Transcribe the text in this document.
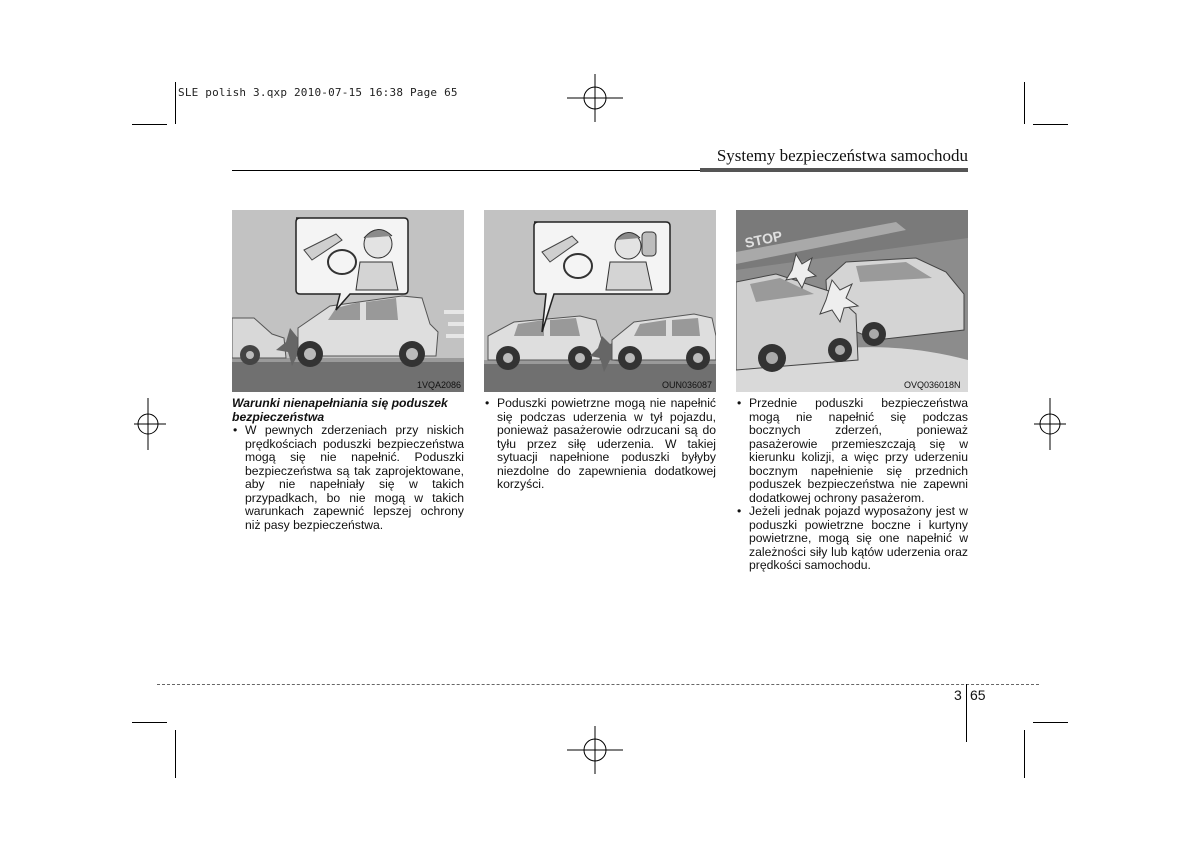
SLE polish 3.qxp 2010-07-15 16:38 Page 65
Systemy bezpieczeństwa samochodu
1VQA2086	OUN036087
STOP
OVQ036018N

Warunki nienapełniania się poduszek bezpieczeństwa

• W pewnych zderzeniach przy niskich prędkościach poduszki bezpieczeństwa mogą się nie napełnić. Poduszki bezpieczeństwa są tak zaprojektowane, aby nie napełniały się w takich przypadkach, bo nie mogą w takich warunkach zapewnić lepszej ochrony niż pasy bezpieczeństwa.

• Poduszki powietrzne mogą nie napełnić się podczas uderzenia w tył pojazdu, ponieważ pasażerowie odrzucani są do tyłu przez siłę uderzenia. W takiej sytuacji napełnione poduszki byłyby niezdolne do zapewnienia dodatkowej korzyści.

• Przednie poduszki bezpieczeństwa mogą nie napełnić się podczas bocznych zderzeń, ponieważ pasażerowie przemieszczają się w kierunku kolizji, a więc przy uderzeniu bocznym napełnienie się przednich poduszek bezpieczeństwa nie zapewni dodatkowej ochrony pasażerom.

• Jeżeli jednak pojazd wyposażony jest w poduszki powietrzne boczne i kurtyny powietrzne, mogą się one napełnić w zależności siły lub kątów uderzenia oraz prędkości samochodu.

3 65
